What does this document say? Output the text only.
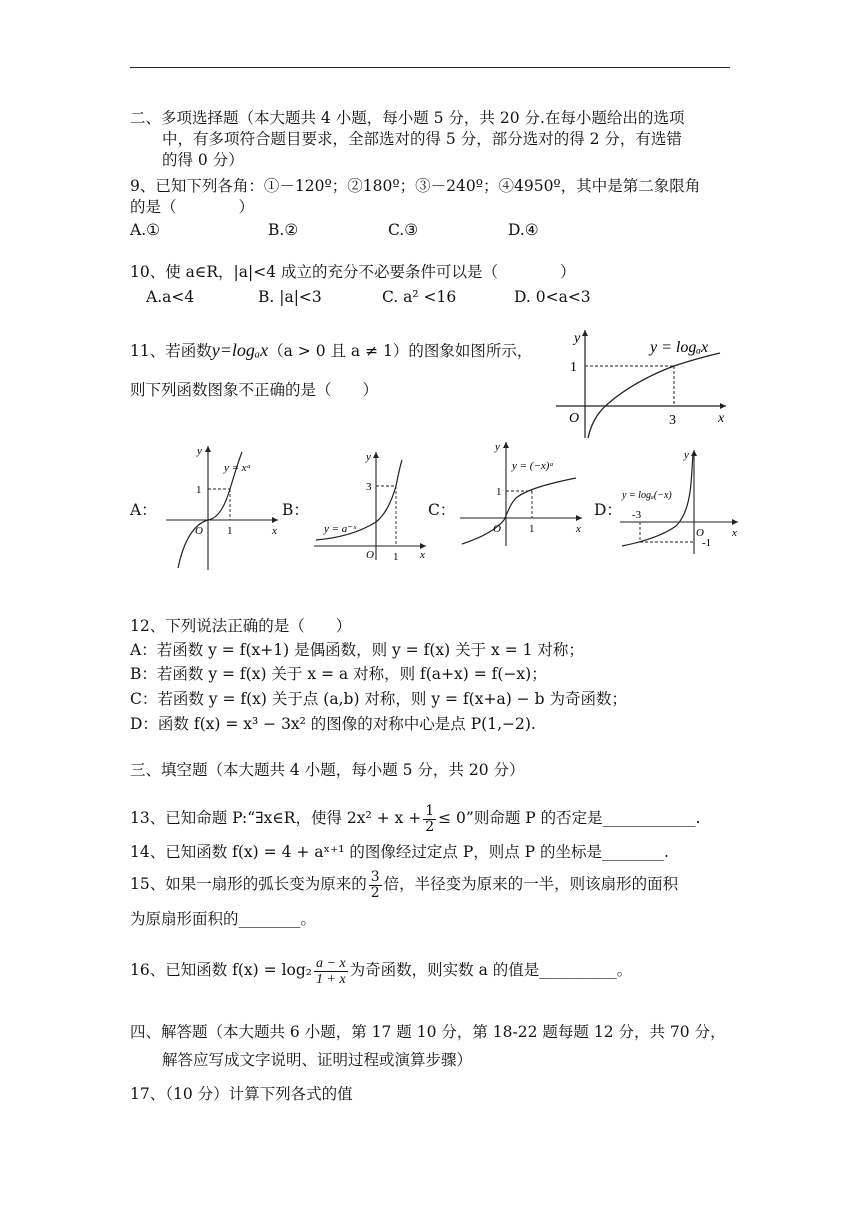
二、多项选择题（本大题共 4 小题，每小题 5 分，共 20 分.在每小题给出的选项
中，有多项符合题目要求，全部选对的得 5 分，部分选对的得 2 分，有选错
的得 0 分）
9、已知下列各角：①－120º；②180º；③－240º；④4950º，其中是第二象限角
的是（　　　　）
A.①	B.②	C.③	D.④
10、使 a∈R，|a|<4 成立的充分不必要条件可以是（　　　　）
A.a<4	B. |a|<3	C. a² <16	D. 0<a<3
11、若函数y=logₐx（a > 0 且 a ≠ 1）的图象如图所示，
则下列函数图象不正确的是（　　）
y
x
O
1
3
y = logₐx
A：	B：	C：	D：
y
x
O
1
1
y = xᵃ
y
x
O
3
1
y = a⁻ˣ
y
x
O
1
1
y = (−x)ᵃ
y
x
O
-3
-1
y = logₐ(−x)
12、下列说法正确的是（　　）
A：若函数 y = f(x+1) 是偶函数，则 y = f(x) 关于 x = 1 对称；
B：若函数 y = f(x) 关于 x = a 对称，则 f(a+x) = f(−x)；
C：若函数 y = f(x) 关于点 (a,b) 对称，则 y = f(x+a) − b 为奇函数；
D：函数 f(x) = x³ − 3x² 的图像的对称中心是点 P(1,−2).
三、填空题（本大题共 4 小题，每小题 5 分，共 20 分）
13、已知命题 P:“∃x∈R，使得 $2x^2 + x + \frac{1}{2} \le 0$”则命题 P 的否定是____________.
14、已知函数 f(x) = 4 + aˣ⁺¹ 的图像经过定点 P，则点 P 的坐标是________.
15、如果一扇形的弧长变为原来的 $\frac{3}{2}$ 倍，半径变为原来的一半，则该扇形的面积
为原扇形面积的________。
16、已知函数 $f(x) = \log_2 \frac{a - x}{1 + x}$ 为奇函数，则实数 a 的值是__________。
四、解答题（本大题共 6 小题，第 17 题 10 分，第 18-22 题每题 12 分，共 70 分，
解答应写成文字说明、证明过程或演算步骤）
17、（10 分）计算下列各式的值
